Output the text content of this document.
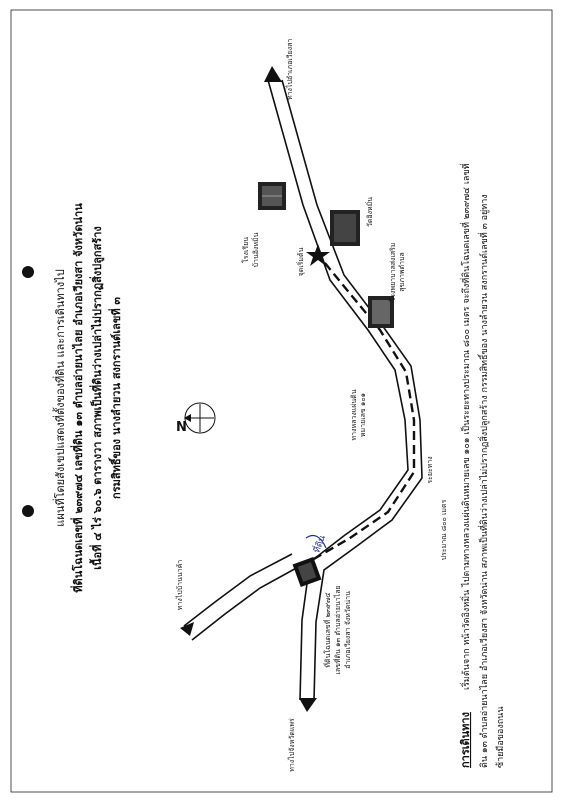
แผนที่โดยสังเขปแสดงที่ตั้งของที่ดิน และการเดินทางไป ที่ดินโฉนดเลขที่ ๒๓๙๗๔ เลขที่ดิน ๑๓ ตำบลอ่ายนาไลย อำเภอเวียงสา จังหวัดน่าน เนื้อที่ ๔ ไร่ ๖๐.๖ ตารางวา สภาพเป็นที่ดินว่างเปล่าไม่ปรากฏสิ่งปลูกสร้าง กรมสิทธิ์ของ นางลำยวน สงกรานต์เลขที่ ๓
ทางไปอำเภอเวียงสา
ทางไปบ้านนาค้า
ทางไปจังหวัดแพร่
โรงเรียน บ้านอิงหมิ่น
วัดอิงหมิ่น
จุดเริ่มต้น	โรงพยาบาลส่งเสริม สุขภาพตำบล
ทางหลวงแผ่นดิน หมายเลข ๑๐๑
ระยะทาง
ประมาณ ๘๐๐ เมตร
N
ที่ดิน
ที่ดินโฉนดเลขที่ ๒๓๙๗๔ เลขที่ดิน ๑๓ ตำบลอ่ายนาไลย อำเภอเวียงสา จังหวัดน่าน
การเดินทาง
เริ่มต้นจาก หน้าวัดอิงหมิ่น ไปตามทางหลวงแผ่นดินหมายเลข ๑๐๑ เป็นระยะทางประมาณ ๘๐๐ เมตร จะถึงที่ดินโฉนดเลขที่ ๒๓๙๗๔ เลขที่ ดิน ๑๓ ตำบลอ่ายนาไลย อำเภอเวียงสา จังหวัดน่าน สภาพเป็นที่ดินว่างเปล่าไม่ปรากฏสิ่งปลูกสร้าง กรรมสิทธิ์ของ นางลำยวน สงกรานต์เลขที่ ๓ อยู่ทาง ซ้ายมือของถนน
